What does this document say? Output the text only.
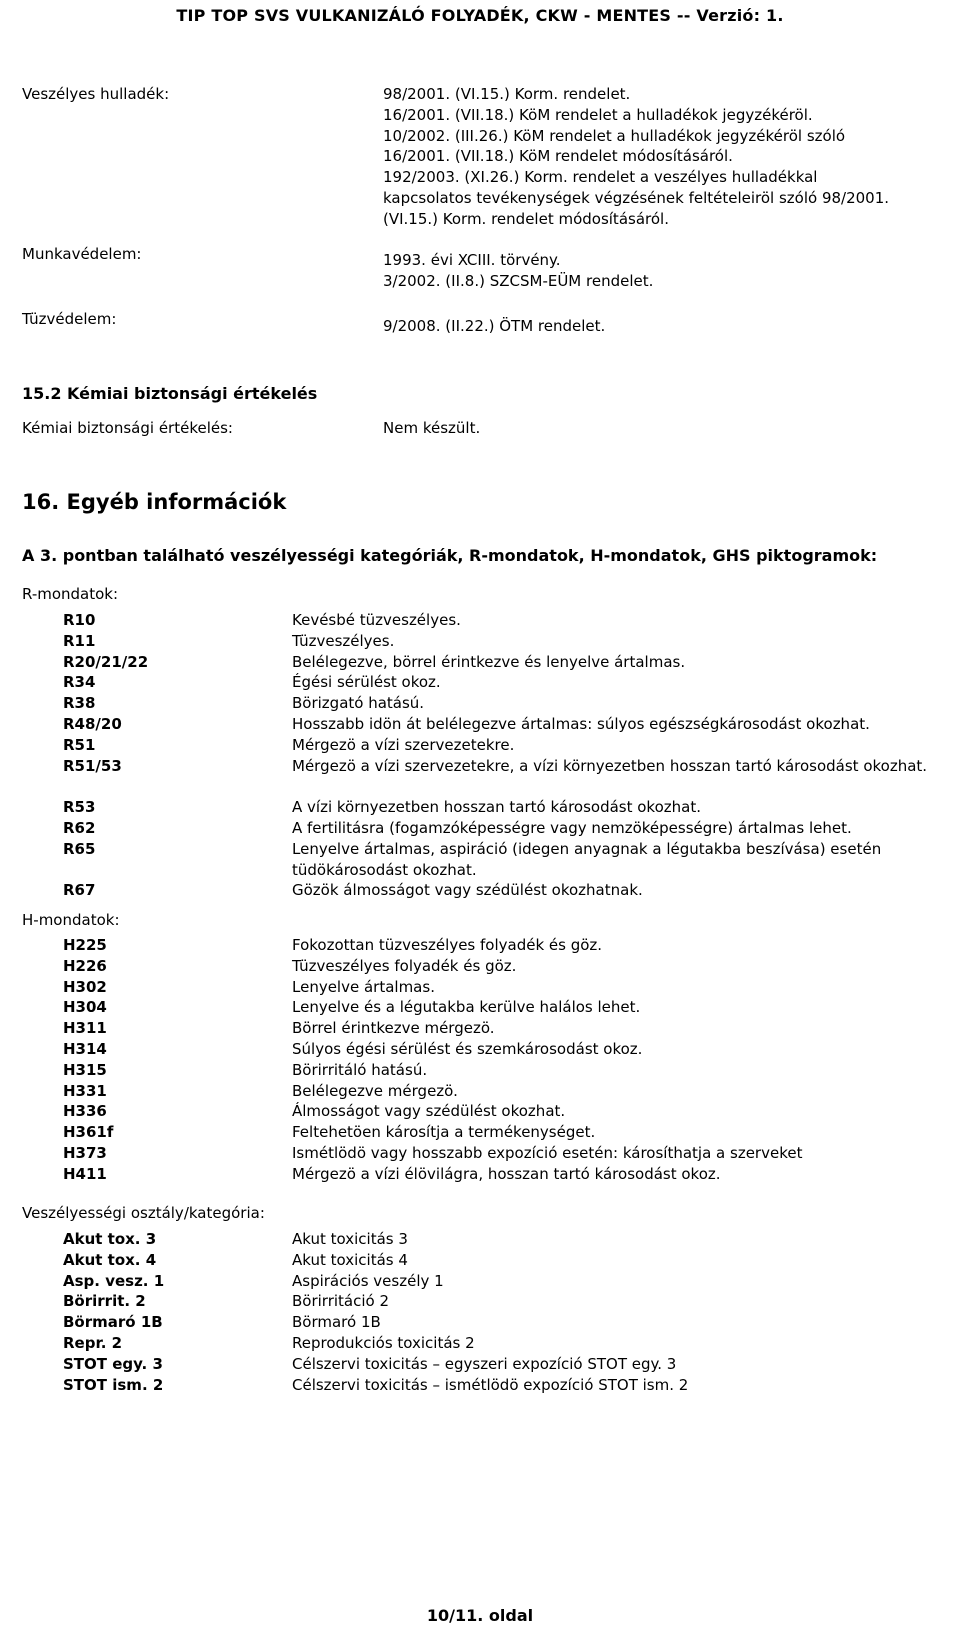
TIP TOP SVS VULKANIZÁLÓ FOLYADÉK, CKW - MENTES -- Verzió: 1.
Veszélyes hulladék:	98/2001. (VI.15.) Korm. rendelet.
16/2001. (VII.18.) KöM rendelet a hulladékok jegyzékéröl.
10/2002. (III.26.) KöM rendelet a hulladékok jegyzékéröl szóló
16/2001. (VII.18.) KöM rendelet módosításáról.
192/2003. (XI.26.) Korm. rendelet a veszélyes hulladékkal
kapcsolatos tevékenységek végzésének feltételeiröl szóló 98/2001.
(VI.15.) Korm. rendelet módosításáról.
Munkavédelem:	1993. évi XCIII. törvény.
3/2002. (II.8.) SZCSM-EÜM rendelet.
Tüzvédelem:	9/2008. (II.22.) ÖTM rendelet.
15.2 Kémiai biztonsági értékelés
Kémiai biztonsági értékelés:	Nem készült.
16. Egyéb információk
A 3. pontban található veszélyességi kategóriák, R-mondatok, H-mondatok, GHS piktogramok:
R-mondatok:
R10	Kevésbé tüzveszélyes.
R11	Tüzveszélyes.
R20/21/22	Belélegezve, börrel érintkezve és lenyelve ártalmas.
R34	Égési sérülést okoz.
R38	Börizgató hatású.
R48/20	Hosszabb idön át belélegezve ártalmas: súlyos egészségkárosodást okozhat.
R51	Mérgezö a vízi szervezetekre.
R51/53	Mérgezö a vízi szervezetekre, a vízi környezetben hosszan tartó károsodást okozhat.
R53	A vízi környezetben hosszan tartó károsodást okozhat.
R62	A fertilitásra (fogamzóképességre vagy nemzöképességre) ártalmas lehet.
R65	Lenyelve ártalmas, aspiráció (idegen anyagnak a légutakba beszívása) esetén tüdökárosodást okozhat.
R67	Gözök álmosságot vagy szédülést okozhatnak.
H-mondatok:
H225	Fokozottan tüzveszélyes folyadék és göz.
H226	Tüzveszélyes folyadék és göz.
H302	Lenyelve ártalmas.
H304	Lenyelve és a légutakba kerülve halálos lehet.
H311	Börrel érintkezve mérgezö.
H314	Súlyos égési sérülést és szemkárosodást okoz.
H315	Börirritáló hatású.
H331	Belélegezve mérgezö.
H336	Álmosságot vagy szédülést okozhat.
H361f	Feltehetöen károsítja a termékenységet.
H373	Ismétlödö vagy hosszabb expozíció esetén: károsíthatja a szerveket
H411	Mérgezö a vízi élövilágra, hosszan tartó károsodást okoz.
Veszélyességi osztály/kategória:
Akut tox. 3	Akut toxicitás 3
Akut tox. 4	Akut toxicitás 4
Asp. vesz. 1	Aspirációs veszély 1
Börirrit. 2	Börirritáció 2
Börmaró 1B	Börmaró 1B
Repr. 2	Reprodukciós toxicitás 2
STOT egy. 3	Célszervi toxicitás – egyszeri expozíció STOT egy. 3
STOT ism. 2	Célszervi toxicitás – ismétlödö expozíció STOT ism. 2
10/11. oldal
